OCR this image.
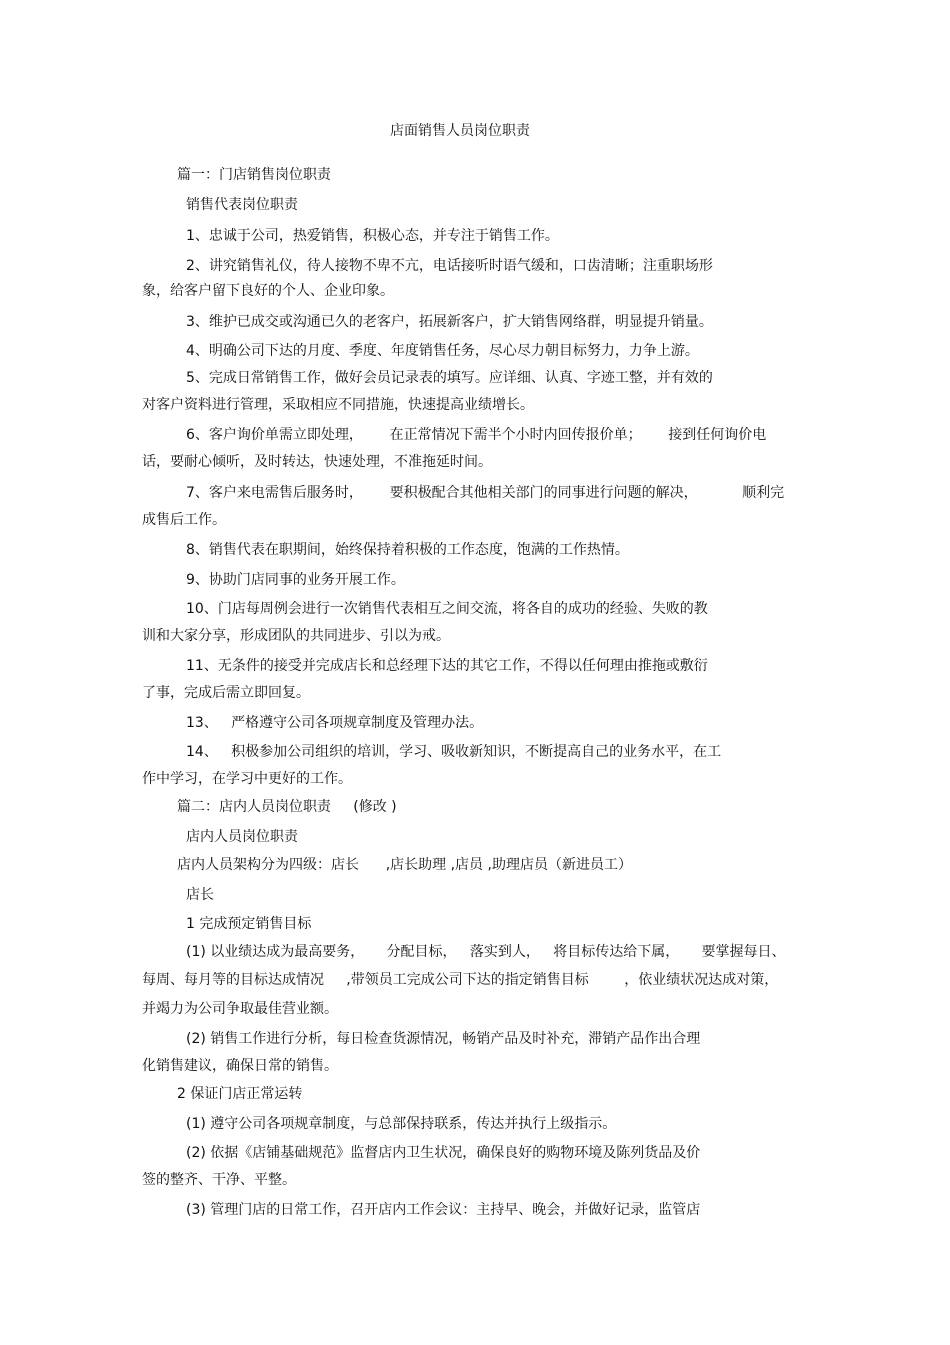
店面销售人员岗位职责

篇一：门店销售岗位职责

销售代表岗位职责

1、忠诚于公司，热爱销售，积极心态，并专注于销售工作。

2、讲究销售礼仪，待人接物不卑不亢，电话接听时语气缓和，口齿清晰；注重职场形

象，给客户留下良好的个人、企业印象。

3、维护已成交或沟通已久的老客户，拓展新客户，扩大销售网络群，明显提升销量。

4、明确公司下达的月度、季度、年度销售任务，尽心尽力朝目标努力，力争上游。

5、完成日常销售工作，做好会员记录表的填写。应详细、认真、字迹工整，并有效的

对客户资料进行管理，采取相应不同措施，快速提高业绩增长。

6、客户询价单需立即处理，      在正常情况下需半个小时内回传报价单；      接到任何询价电

话，要耐心倾听，及时转达，快速处理，不准拖延时间。

7、客户来电需售后服务时，      要积极配合其他相关部门的同事进行问题的解决，          顺利完

成售后工作。

8、销售代表在职期间，始终保持着积极的工作态度，饱满的工作热情。

9、协助门店同事的业务开展工作。

10、门店每周例会进行一次销售代表相互之间交流，将各自的成功的经验、失败的教

训和大家分享，形成团队的共同进步、引以为戒。

11、无条件的接受并完成店长和总经理下达的其它工作，不得以任何理由推拖或敷衍

了事，完成后需立即回复。

13、   严格遵守公司各项规章制度及管理办法。

14、   积极参加公司组织的培训，学习、吸收新知识，不断提高自己的业务水平，在工

作中学习，在学习中更好的工作。

篇二：店内人员岗位职责     (修改 )

店内人员岗位职责

店内人员架构分为四级：店长      ,店长助理 ,店员 ,助理店员（新进员工）

店长

1 完成预定销售目标

(1) 以业绩达成为最高要务，     分配目标，   落实到人，   将目标传达给下属，     要掌握每日、

每周、每月等的目标达成情况     ,带领员工完成公司下达的指定销售目标        ，依业绩状况达成对策，

并竭力为公司争取最佳营业额。

(2) 销售工作进行分析，每日检查货源情况，畅销产品及时补充，滞销产品作出合理

化销售建议，确保日常的销售。

2 保证门店正常运转

(1) 遵守公司各项规章制度，与总部保持联系，传达并执行上级指示。

(2) 依据《店铺基础规范》监督店内卫生状况，确保良好的购物环境及陈列货品及价

签的整齐、干净、平整。

(3) 管理门店的日常工作，召开店内工作会议：主持早、晚会，并做好记录，监管店
